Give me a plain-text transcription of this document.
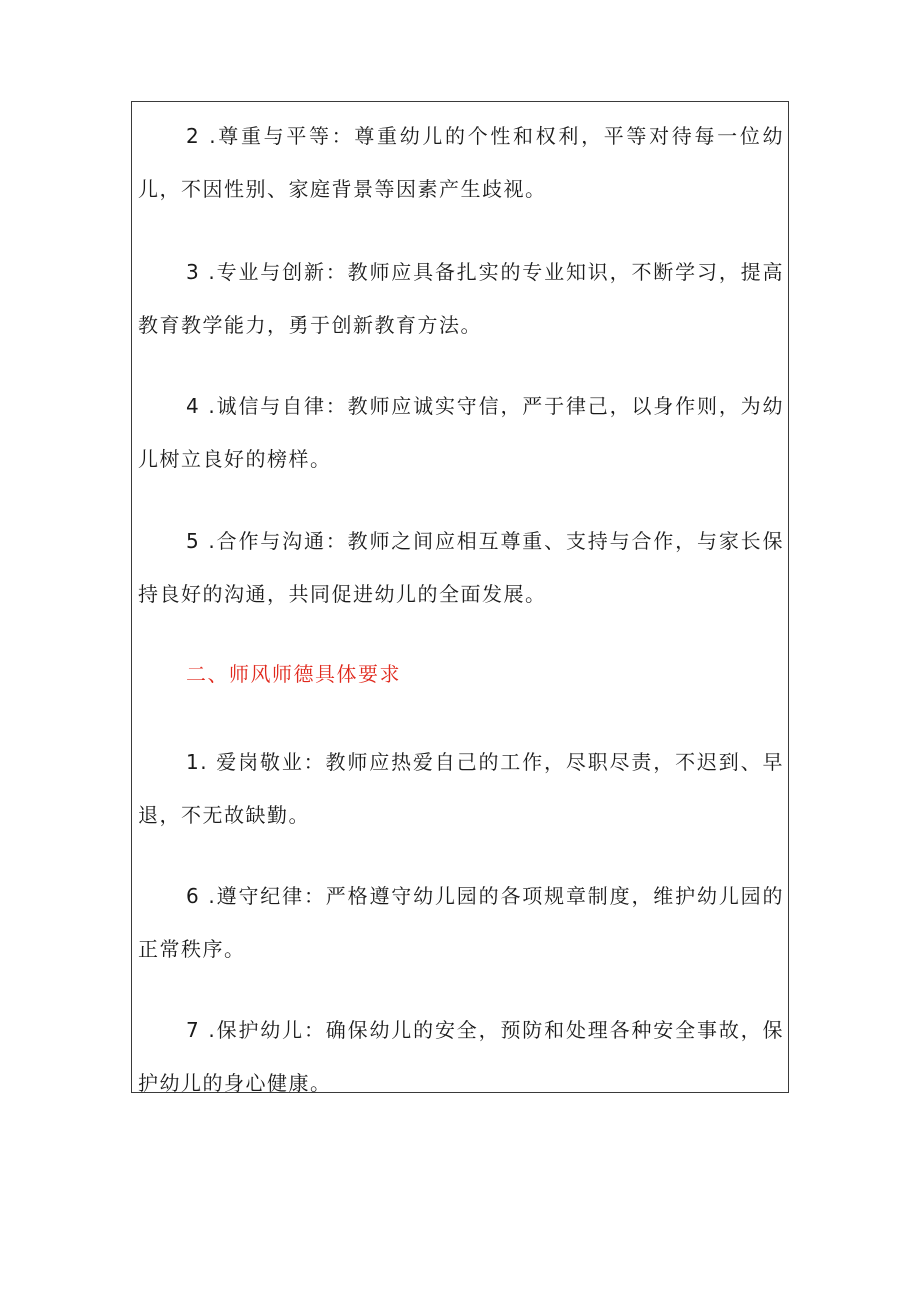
2 .尊重与平等：尊重幼儿的个性和权利，平等对待每一位幼儿，不因性别、家庭背景等因素产生歧视。

3 .专业与创新：教师应具备扎实的专业知识，不断学习，提高教育教学能力，勇于创新教育方法。

4 .诚信与自律：教师应诚实守信，严于律己，以身作则，为幼儿树立良好的榜样。

5 .合作与沟通：教师之间应相互尊重、支持与合作，与家长保持良好的沟通，共同促进幼儿的全面发展。

二、师风师德具体要求

1. 爱岗敬业：教师应热爱自己的工作，尽职尽责，不迟到、早退，不无故缺勤。

6 .遵守纪律：严格遵守幼儿园的各项规章制度，维护幼儿园的正常秩序。

7 .保护幼儿：确保幼儿的安全，预防和处理各种安全事故，保护幼儿的身心健康。
